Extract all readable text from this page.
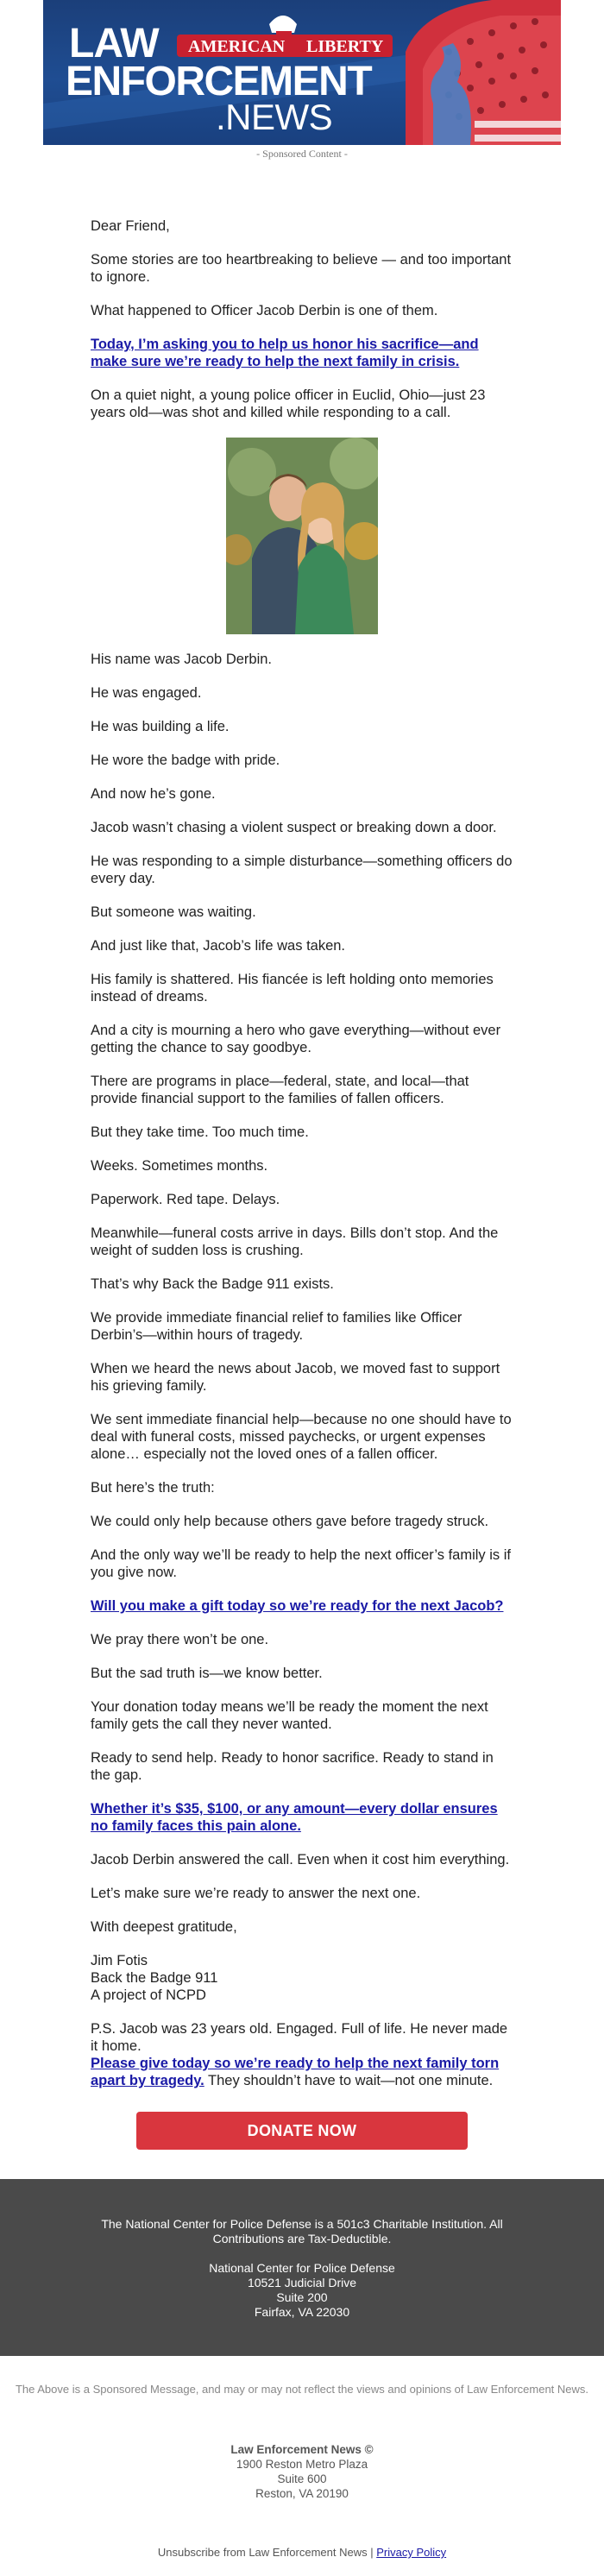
AMERICAN LIBERTY
LAW
ENFORCEMENT
.NEWS
- Sponsored Content -

Dear Friend,

Some stories are too heartbreaking to believe — and too important to ignore.

What happened to Officer Jacob Derbin is one of them.

Today, I’m asking you to help us honor his sacrifice—and make sure we’re ready to help the next family in crisis.

On a quiet night, a young police officer in Euclid, Ohio—just 23 years old—was shot and killed while responding to a call.

His name was Jacob Derbin.

He was engaged.

He was building a life.

He wore the badge with pride.

And now he’s gone.

Jacob wasn’t chasing a violent suspect or breaking down a door.

He was responding to a simple disturbance—something officers do every day.

But someone was waiting.

And just like that, Jacob’s life was taken.

His family is shattered. His fiancée is left holding onto memories instead of dreams.

And a city is mourning a hero who gave everything—without ever getting the chance to say goodbye.

There are programs in place—federal, state, and local—that provide financial support to the families of fallen officers.

But they take time. Too much time.

Weeks. Sometimes months.

Paperwork. Red tape. Delays.

Meanwhile—funeral costs arrive in days. Bills don’t stop. And the weight of sudden loss is crushing.

That’s why Back the Badge 911 exists.

We provide immediate financial relief to families like Officer Derbin’s—within hours of tragedy.

When we heard the news about Jacob, we moved fast to support his grieving family.

We sent immediate financial help—because no one should have to deal with funeral costs, missed paychecks, or urgent expenses alone… especially not the loved ones of a fallen officer.

But here’s the truth:

We could only help because others gave before tragedy struck.

And the only way we’ll be ready to help the next officer’s family is if you give now.

Will you make a gift today so we’re ready for the next Jacob?

We pray there won’t be one.

But the sad truth is—we know better.

Your donation today means we’ll be ready the moment the next family gets the call they never wanted.

Ready to send help. Ready to honor sacrifice. Ready to stand in the gap.

Whether it’s $35, $100, or any amount—every dollar ensures no family faces this pain alone.

Jacob Derbin answered the call. Even when it cost him everything.

Let’s make sure we’re ready to answer the next one.

With deepest gratitude,

Jim Fotis

Back the Badge 911

A project of NCPD

P.S. Jacob was 23 years old. Engaged. Full of life. He never made it home.

Please give today so we’re ready to help the next family torn apart by tragedy. They shouldn’t have to wait—not one minute.

DONATE NOW
The National Center for Police Defense is a 501c3 Charitable Institution. All
Contributions are Tax-Deductible.
National Center for Police Defense
10521 Judicial Drive
Suite 200
Fairfax, VA 22030
The Above is a Sponsored Message, and may or may not reflect the views and opinions of Law Enforcement News.
Law Enforcement News ©
1900 Reston Metro Plaza
Suite 600
Reston, VA 20190
Unsubscribe from Law Enforcement News | Privacy Policy
